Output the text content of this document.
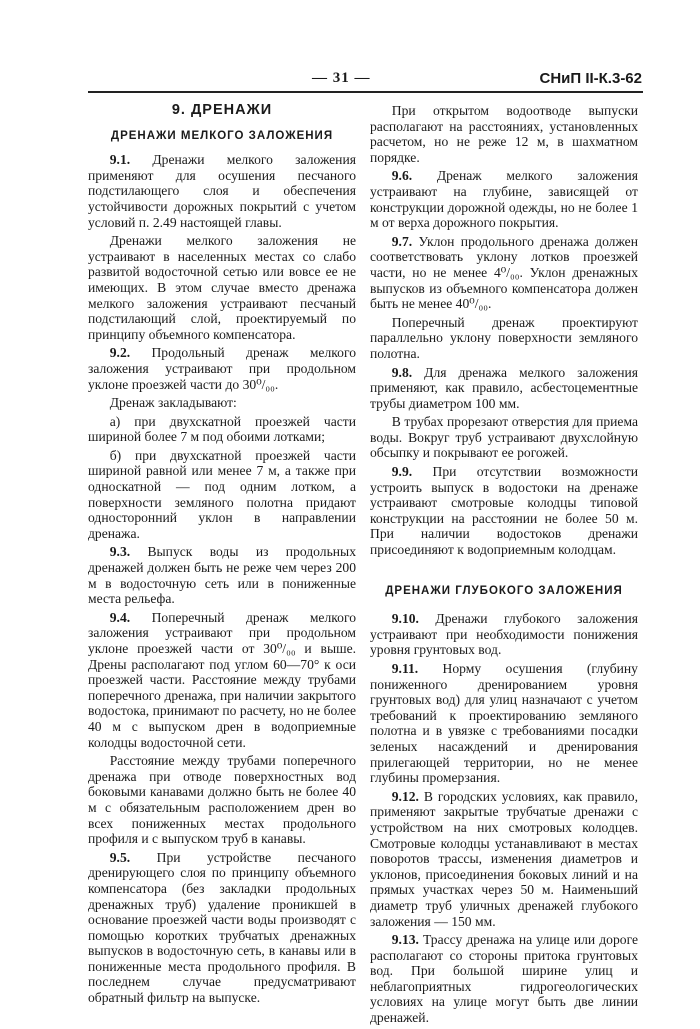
— 31 —	СНиП II-К.3-62
9. ДРЕНАЖИ
ДРЕНАЖИ МЕЛКОГО ЗАЛОЖЕНИЯ

9.1. Дренажи мелкого заложения применяют для осушения песчаного подстилающего слоя и обеспечения устойчивости дорожных покрытий с учетом условий п. 2.49 настоящей главы.

Дренажи мелкого заложения не устраивают в населенных местах со слабо развитой водосточной сетью или вовсе ее не имеющих. В этом случае вместо дренажа мелкого заложения устраивают песчаный подстилающий слой, проектируемый по принципу объемного компенсатора.

9.2. Продольный дренаж мелкого заложения устраивают при продольном уклоне проезжей части до 30⁰/₀₀.

Дренаж закладывают:

а) при двухскатной проезжей части шириной более 7 м под обоими лотками;

б) при двухскатной проезжей части шириной равной или менее 7 м, а также при односкатной — под одним лотком, а поверхности земляного полотна придают односторонний уклон в направлении дренажа.

9.3. Выпуск воды из продольных дренажей должен быть не реже чем через 200 м в водосточную сеть или в пониженные места рельефа.

9.4. Поперечный дренаж мелкого заложения устраивают при продольном уклоне проезжей части от 30⁰/₀₀ и выше. Дрены располагают под углом 60—70° к оси проезжей части. Расстояние между трубами поперечного дренажа, при наличии закрытого водостока, принимают по расчету, но не более 40 м с выпуском дрен в водоприемные колодцы водосточной сети.

Расстояние между трубами поперечного дренажа при отводе поверхностных вод боковыми канавами должно быть не более 40 м с обязательным расположением дрен во всех пониженных местах продольного профиля и с выпуском труб в канавы.

9.5. При устройстве песчаного дренирующего слоя по принципу объемного компенсатора (без закладки продольных дренажных труб) удаление проникшей в основание проезжей части воды производят с помощью коротких трубчатых дренажных выпусков в водосточную сеть, в канавы или в пониженные места продольного профиля. В последнем случае предусматривают обратный фильтр на выпуске.

При открытом водоотводе выпуски располагают на расстояниях, установленных расчетом, но не реже 12 м, в шахматном порядке.

9.6. Дренаж мелкого заложения устраивают на глубине, зависящей от конструкции дорожной одежды, но не более 1 м от верха дорожного покрытия.

9.7. Уклон продольного дренажа должен соответствовать уклону лотков проезжей части, но не менее 4⁰/₀₀. Уклон дренажных выпусков из объемного компенсатора должен быть не менее 40⁰/₀₀.

Поперечный дренаж проектируют параллельно уклону поверхности земляного полотна.

9.8. Для дренажа мелкого заложения применяют, как правило, асбестоцементные трубы диаметром 100 мм.

В трубах прорезают отверстия для приема воды. Вокруг труб устраивают двухслойную обсыпку и покрывают ее рогожей.

9.9. При отсутствии возможности устроить выпуск в водостоки на дренаже устраивают смотровые колодцы типовой конструкции на расстоянии не более 50 м. При наличии водостоков дренажи присоединяют к водоприемным колодцам.

ДРЕНАЖИ ГЛУБОКОГО ЗАЛОЖЕНИЯ

9.10. Дренажи глубокого заложения устраивают при необходимости понижения уровня грунтовых вод.

9.11. Норму осушения (глубину пониженного дренированием уровня грунтовых вод) для улиц назначают с учетом требований к проектированию земляного полотна и в увязке с требованиями посадки зеленых насаждений и дренирования прилегающей территории, но не менее глубины промерзания.

9.12. В городских условиях, как правило, применяют закрытые трубчатые дренажи с устройством на них смотровых колодцев. Смотровые колодцы устанавливают в местах поворотов трассы, изменения диаметров и уклонов, присоединения боковых линий и на прямых участках через 50 м. Наименьший диаметр труб уличных дренажей глубокого заложения — 150 мм.

9.13. Трассу дренажа на улице или дороге располагают со стороны притока грунтовых вод. При большой ширине улиц и неблагоприятных гидрогеологических условиях на улице могут быть две линии дренажей.
